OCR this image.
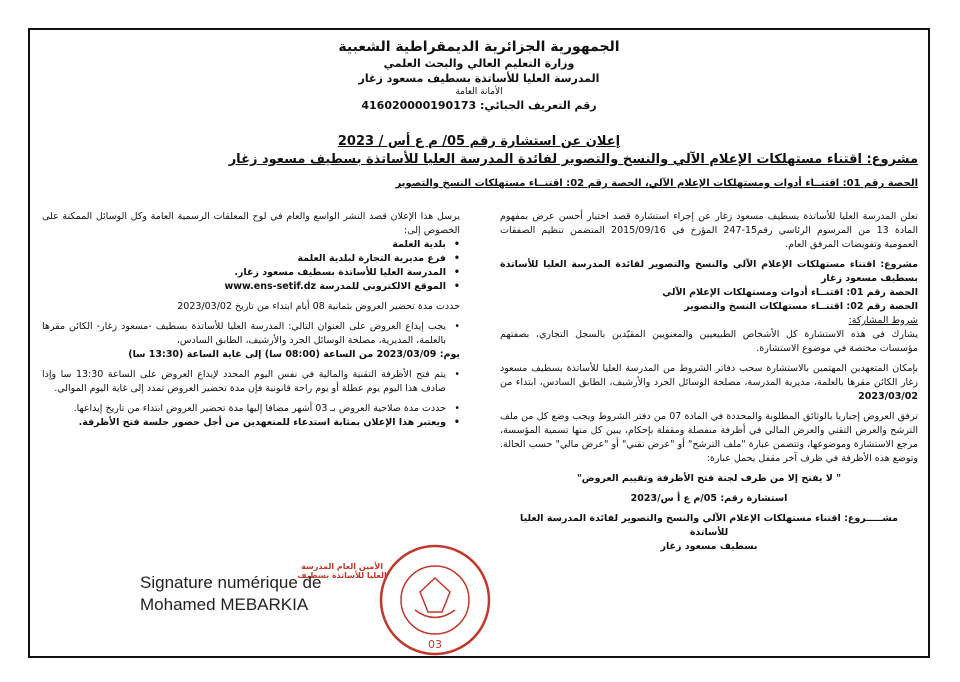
الجمهورية الجزائرية الديمقراطية الشعبية
وزارة التعليم العالي والبحث العلمي
المدرسة العليا للأساتذة بسطيف مسعود زغار
الأمانة العامة
رقم التعريف الجبائي: 416020000190173
إعلان عن استشارة رقم 05/ م ع أس / 2023
مشروع: اقتناء مستهلكات الإعلام الآلي والنسخ والتصوير لفائدة المدرسة العليا للأساتذة بسطيف مسعود زغار
الحصة رقم 01: اقتنــاء أدوات ومستهلكات الإعلام الآلي، الحصة رقم 02: اقتنــاء مستهلكات النسخ والتصوير
تعلن المدرسة العليا للأساتذة بسطيف مسعود زغار عن إجراء استشارة قصد اختيار أحسن عرض بمفهوم المادة 13 من المرسوم الرئاسي رقم15-247 المؤرخ في 2015/09/16 المتضمن تنظيم الصفقات العمومية وتفويضات المرفق العام.
مشروع: اقتناء مستهلكات الإعلام الآلي والنسخ والتصوير لفائدة المدرسة العليا للأساتذة بسطيف مسعود زغار
الحصة رقم 01: اقتنــاء أدوات ومستهلكات الإعلام الآلي
الحصة رقم 02: اقتنــاء مستهلكات النسخ والتصوير
شروط المشاركة:
يشارك في هذه الاستشارة كل الأشخاص الطبيعيين والمعنويين المقيّدين بالسجل التجاري، بصفتهم مؤسسات مختصة في موضوع الاستشارة.
بإمكان المتعهدين المهتمين بالاستشارة سحب دفاتر الشروط من المدرسة العليا للأساتذة بسطيف مسعود زغار الكائن مقرها بالعلمة، مديرية المدرسة، مصلحة الوسائل الجرد والأرشيف، الطابق السادس، ابتداء من 2023/03/02
ترفق العروض إجباريا بالوثائق المطلوبة والمحددة في المادة 07 من دفتر الشروط ويجب وضع كل من ملف الترشح والعرض التقني والعرض المالي في أظرفة منفصلة ومقفلة بإحكام، يبين كل منها تسمية المؤسسة، مرجع الاستشارة وموضوعها، وتتضمن عبارة "ملف الترشح" أو "عرض تقني" أو "عرض مالي" حسب الحالة. وتوضع هذه الأظرفة في ظرف آخر مقفل يحمل عبارة:
" لا يفتح إلا من طرف لجنة فتح الأظرفة وتقييم العروض"
استشارة رقم: 05/م ع أ س/2023
مشـــــروع: اقتناء مستهلكات الإعلام الآلي والنسخ والتصوير لفائدة المدرسة العليا للأساتذة
بسطيف مسعود زغار
يرسل هذا الإعلان قصد النشر الواسع والعام في لوح المعلقات الرسمية العامة وكل الوسائل الممكنة على الخصوص إلى:
• بلدية العلمة
• فرع مديرية التجارة لبلدية العلمة
• المدرسة العليا للأساتذة بسطيف مسعود زغار.
• الموقع الالكتروني للمدرسة www.ens-setif.dz
حددت مدة تحضير العروض بثمانية 08 أيام ابتداء من تاريخ 2023/03/02
• يجب إيداع العروض على العنوان التالي: المدرسة العليا للأساتذة بسطيف -مسعود زغار- الكائن مقرها بالعلمة، المديرية، مصلحة الوسائل الجرد والأرشيف، الطابق السادس،
يوم: 2023/03/09 من الساعة (08:00 سا) إلى غاية الساعة (13:30 سا)
• يتم فتح الأظرفة التقنية والمالية في نفس اليوم المحدد لإيداع العروض على الساعة 13:30 سا وإذا صادف هذا اليوم يوم عطلة أو يوم راحة قانونية فإن مدة تحضير العروض تمدد إلى غاية اليوم الموالي.
• حددت مدة صلاحية العروض بـ 03 أشهر مضافا إليها مدة تحضير العروض ابتداء من تاريخ إيداعها.
• ويعتبر هذا الإعلان بمثابة استدعاء للمتعهدين من أجل حضور جلسة فتح الأظرفة.
الأمين العام المدرسة العليا للأساتذة بسطيف
03
Signature numérique de
Mohamed MEBARKIA
